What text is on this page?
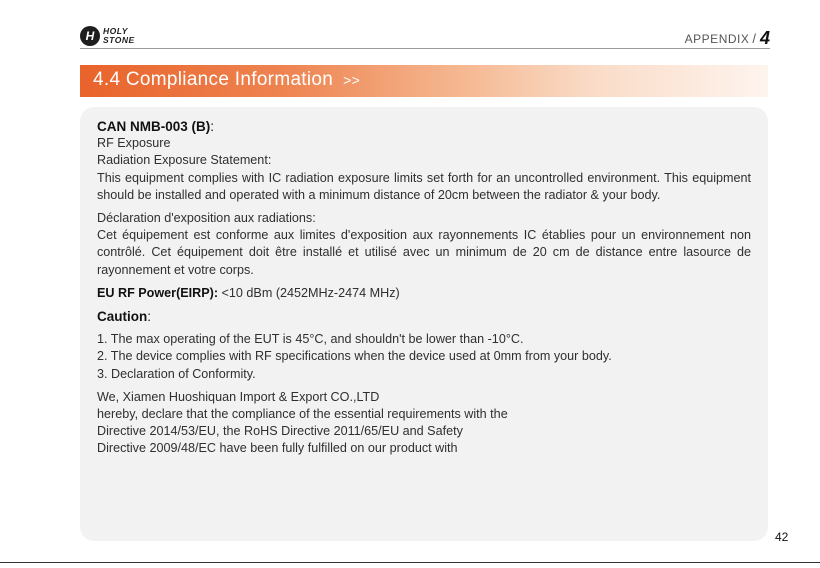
H	HOLY
STONE	APPENDIX / 4
4.4 Compliance Information >>

CAN NMB-003 (B):

RF Exposure

Radiation Exposure Statement:

This equipment complies with IC radiation exposure limits set forth for an uncontrolled environment. This equipment should be installed and operated with a minimum distance of 20cm between the radiator & your body.

Déclaration d'exposition aux radiations:

Cet équipement est conforme aux limites d'exposition aux rayonnements IC établies pour un environnement non contrôlé. Cet équipement doit être installé et utilisé avec un minimum de 20 cm de distance entre lasource de rayonnement et votre corps.

EU RF Power(EIRP): <10 dBm (2452MHz-2474 MHz)

Caution:

1. The max operating of the EUT is 45°C, and shouldn't be lower than -10°C.

2. The device complies with RF specifications when the device used at 0mm from your body.

3. Declaration of Conformity.

We, Xiamen Huoshiquan Import & Export CO.,LTD

hereby, declare that the compliance of the essential requirements with the

Directive 2014/53/EU, the RoHS Directive 2011/65/EU and Safety

Directive 2009/48/EC have been fully fulfilled on our product with

42
